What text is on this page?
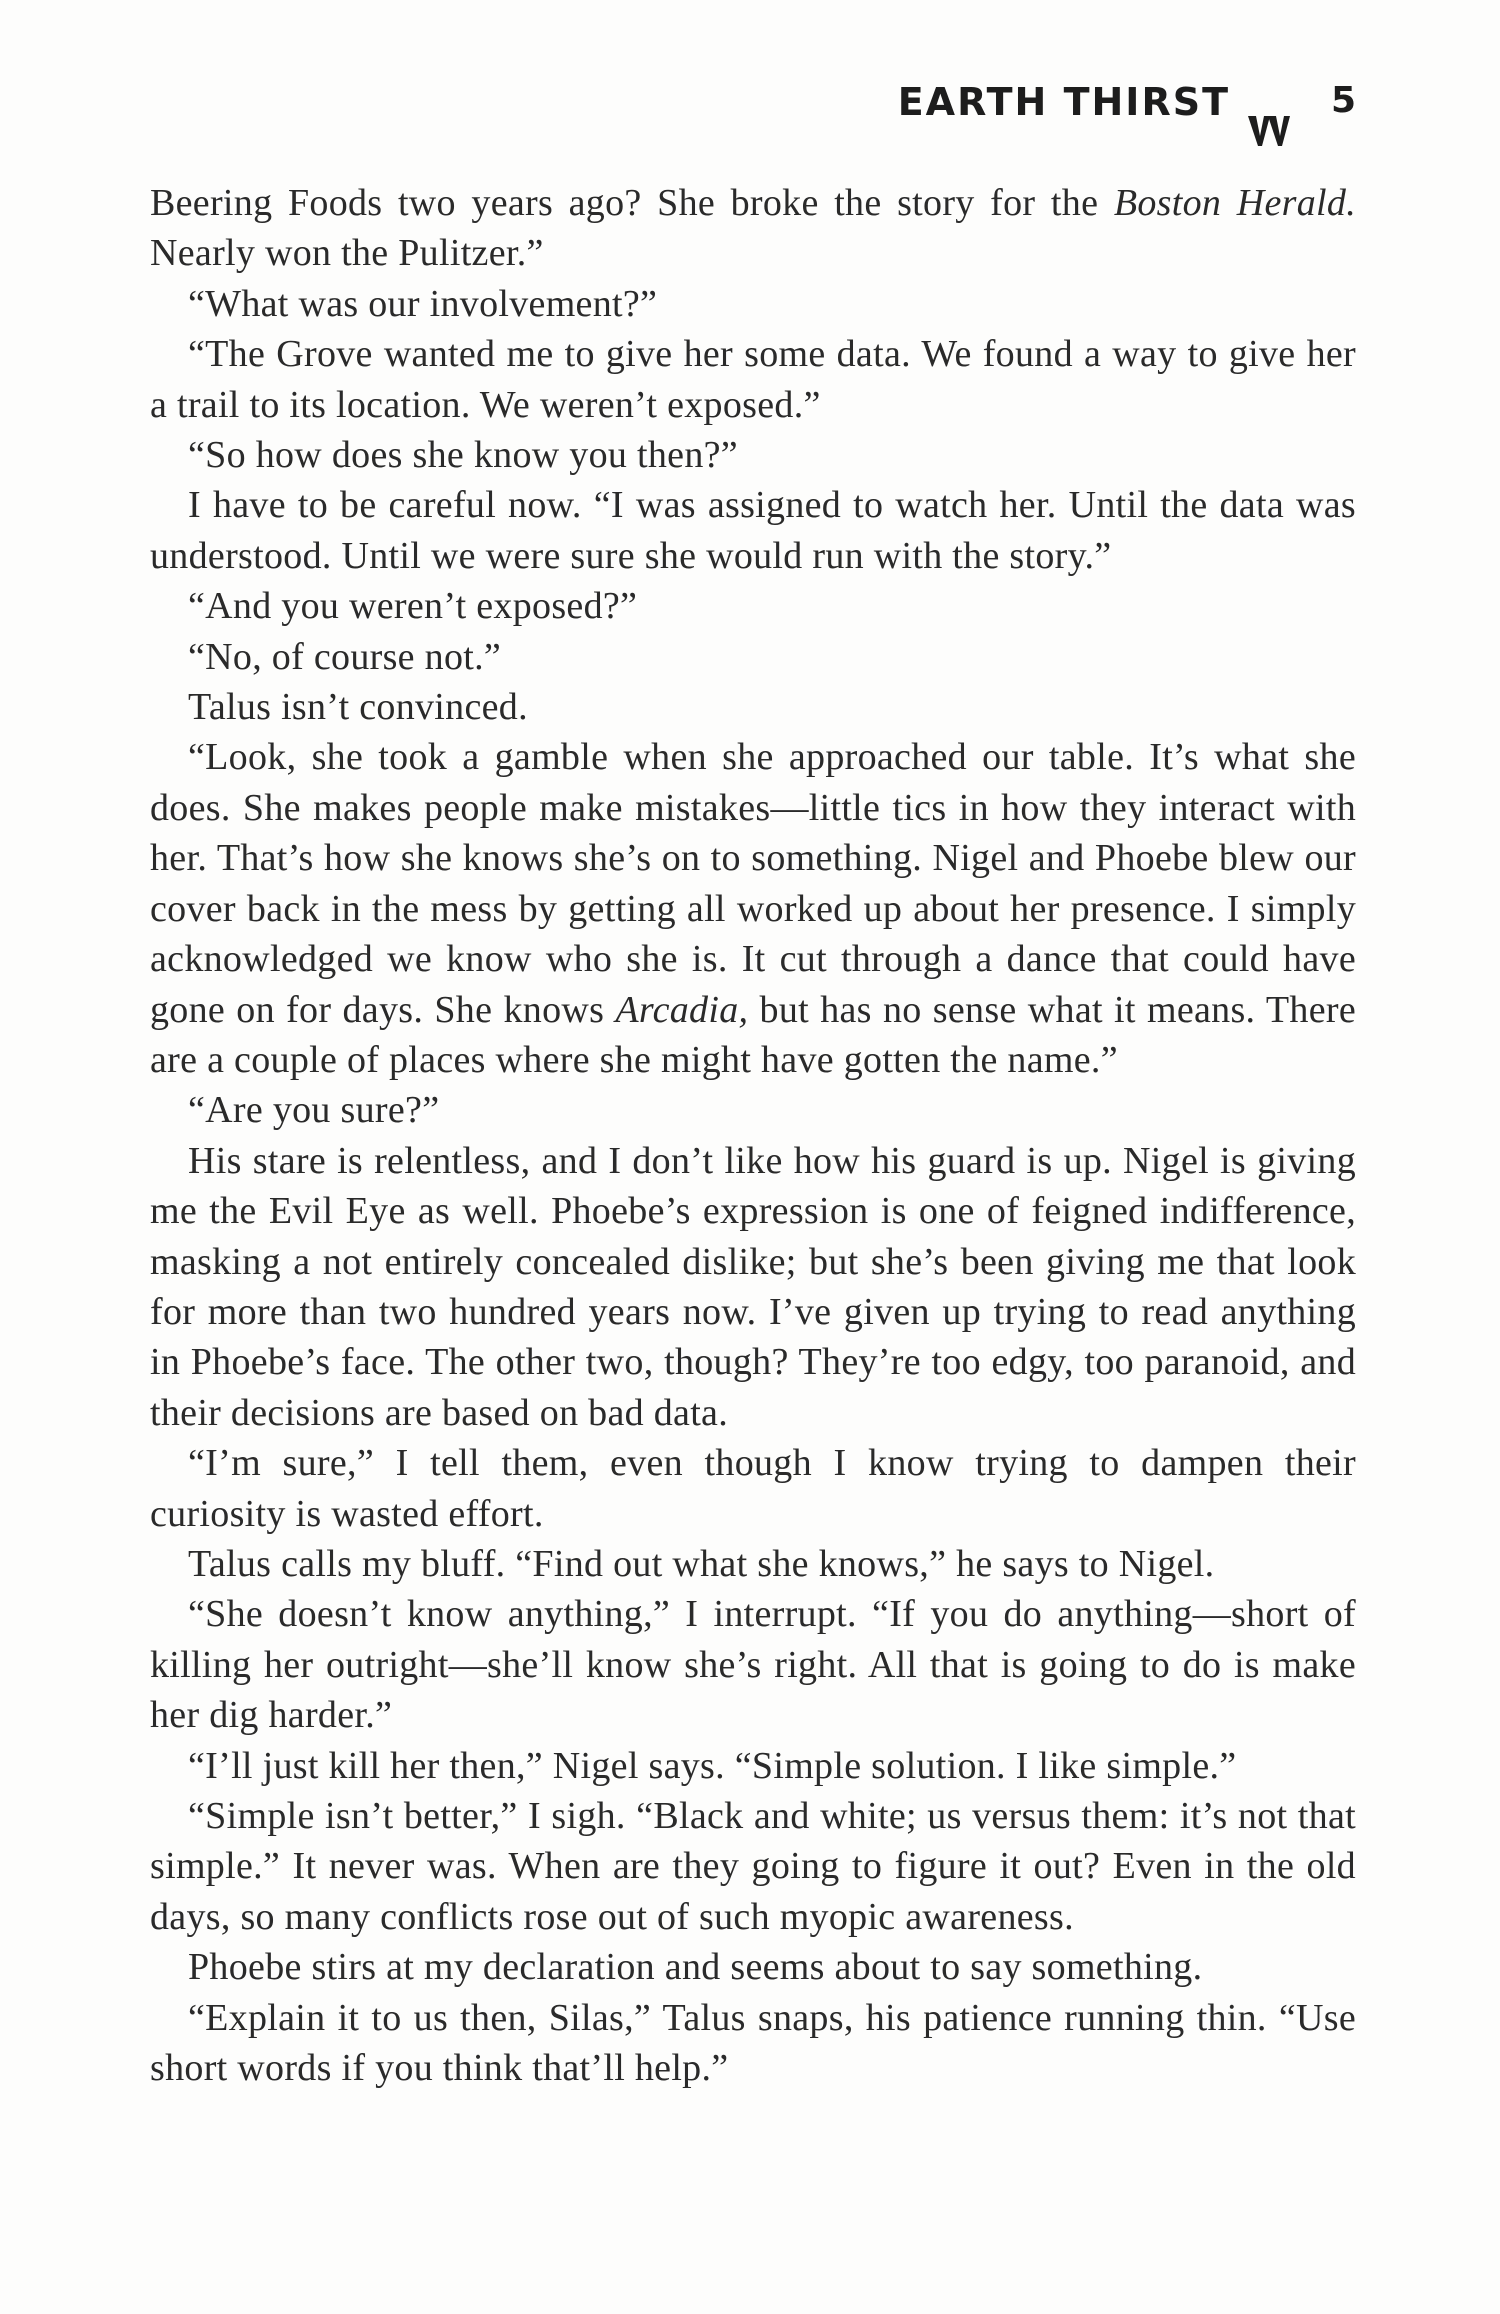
EARTH THIRST	5

Beering Foods two years ago? She broke the story for the Boston Herald. Nearly won the Pulitzer.”

“What was our involvement?”

“The Grove wanted me to give her some data. We found a way to give her a trail to its location. We weren’t exposed.”

“So how does she know you then?”

I have to be careful now. “I was assigned to watch her. Until the data was understood. Until we were sure she would run with the story.”

“And you weren’t exposed?”

“No, of course not.”

Talus isn’t convinced.

“Look, she took a gamble when she approached our table. It’s what she does. She makes people make mistakes—little tics in how they interact with her. That’s how she knows she’s on to something. Nigel and Phoebe blew our cover back in the mess by getting all worked up about her presence. I simply acknowledged we know who she is. It cut through a dance that could have gone on for days. She knows Arcadia, but has no sense what it means. There are a couple of places where she might have gotten the name.”

“Are you sure?”

His stare is relentless, and I don’t like how his guard is up. Nigel is giving me the Evil Eye as well. Phoebe’s expression is one of feigned indifference, masking a not entirely concealed dislike; but she’s been giving me that look for more than two hundred years now. I’ve given up trying to read anything in Phoebe’s face. The other two, though? They’re too edgy, too paranoid, and their decisions are based on bad data.

“I’m sure,” I tell them, even though I know trying to dampen their curiosity is wasted effort.

Talus calls my bluff. “Find out what she knows,” he says to Nigel.

“She doesn’t know anything,” I interrupt. “If you do anything—short of killing her outright—she’ll know she’s right. All that is going to do is make her dig harder.”

“I’ll just kill her then,” Nigel says. “Simple solution. I like simple.”

“Simple isn’t better,” I sigh. “Black and white; us versus them: it’s not that simple.” It never was. When are they going to figure it out? Even in the old days, so many conflicts rose out of such myopic awareness.

Phoebe stirs at my declaration and seems about to say something.

“Explain it to us then, Silas,” Talus snaps, his patience running thin. “Use short words if you think that’ll help.”
